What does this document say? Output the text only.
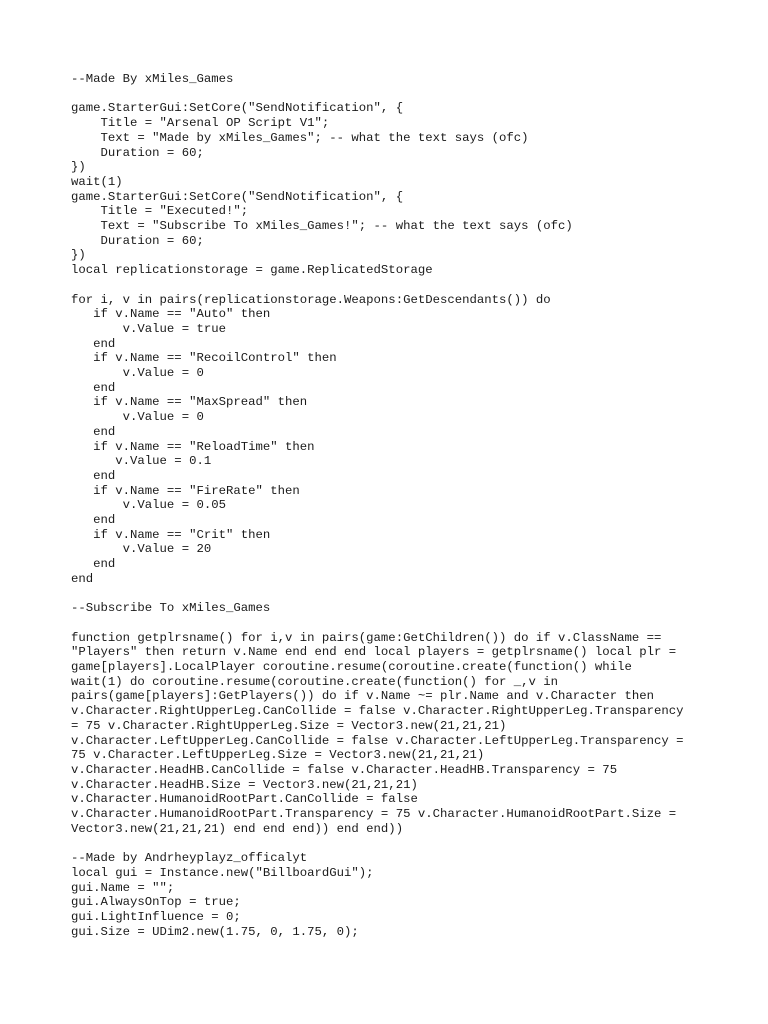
--Made By xMiles_Games
game.StarterGui:SetCore("SendNotification", {
Title = "Arsenal OP Script V1";
Text = "Made by xMiles_Games"; -- what the text says (ofc)
Duration = 60;
})
wait(1)
game.StarterGui:SetCore("SendNotification", {
Title = "Executed!";
Text = "Subscribe To xMiles_Games!"; -- what the text says (ofc)
Duration = 60;
})
local replicationstorage = game.ReplicatedStorage
for i, v in pairs(replicationstorage.Weapons:GetDescendants()) do
if v.Name == "Auto" then
v.Value = true
end
if v.Name == "RecoilControl" then
v.Value = 0
end
if v.Name == "MaxSpread" then
v.Value = 0
end
if v.Name == "ReloadTime" then
v.Value = 0.1
end
if v.Name == "FireRate" then
v.Value = 0.05
end
if v.Name == "Crit" then
v.Value = 20
end
end
--Subscribe To xMiles_Games
function getplrsname() for i,v in pairs(game:GetChildren()) do if v.ClassName ==
"Players" then return v.Name end end end local players = getplrsname() local plr =
game[players].LocalPlayer coroutine.resume(coroutine.create(function() while
wait(1) do coroutine.resume(coroutine.create(function() for _,v in
pairs(game[players]:GetPlayers()) do if v.Name ~= plr.Name and v.Character then
v.Character.RightUpperLeg.CanCollide = false v.Character.RightUpperLeg.Transparency
= 75 v.Character.RightUpperLeg.Size = Vector3.new(21,21,21)
v.Character.LeftUpperLeg.CanCollide = false v.Character.LeftUpperLeg.Transparency =
75 v.Character.LeftUpperLeg.Size = Vector3.new(21,21,21)
v.Character.HeadHB.CanCollide = false v.Character.HeadHB.Transparency = 75
v.Character.HeadHB.Size = Vector3.new(21,21,21)
v.Character.HumanoidRootPart.CanCollide = false
v.Character.HumanoidRootPart.Transparency = 75 v.Character.HumanoidRootPart.Size =
Vector3.new(21,21,21) end end end)) end end))
--Made by Andrheyplayz_officalyt
local gui = Instance.new("BillboardGui");
gui.Name = "";
gui.AlwaysOnTop = true;
gui.LightInfluence = 0;
gui.Size = UDim2.new(1.75, 0, 1.75, 0);
